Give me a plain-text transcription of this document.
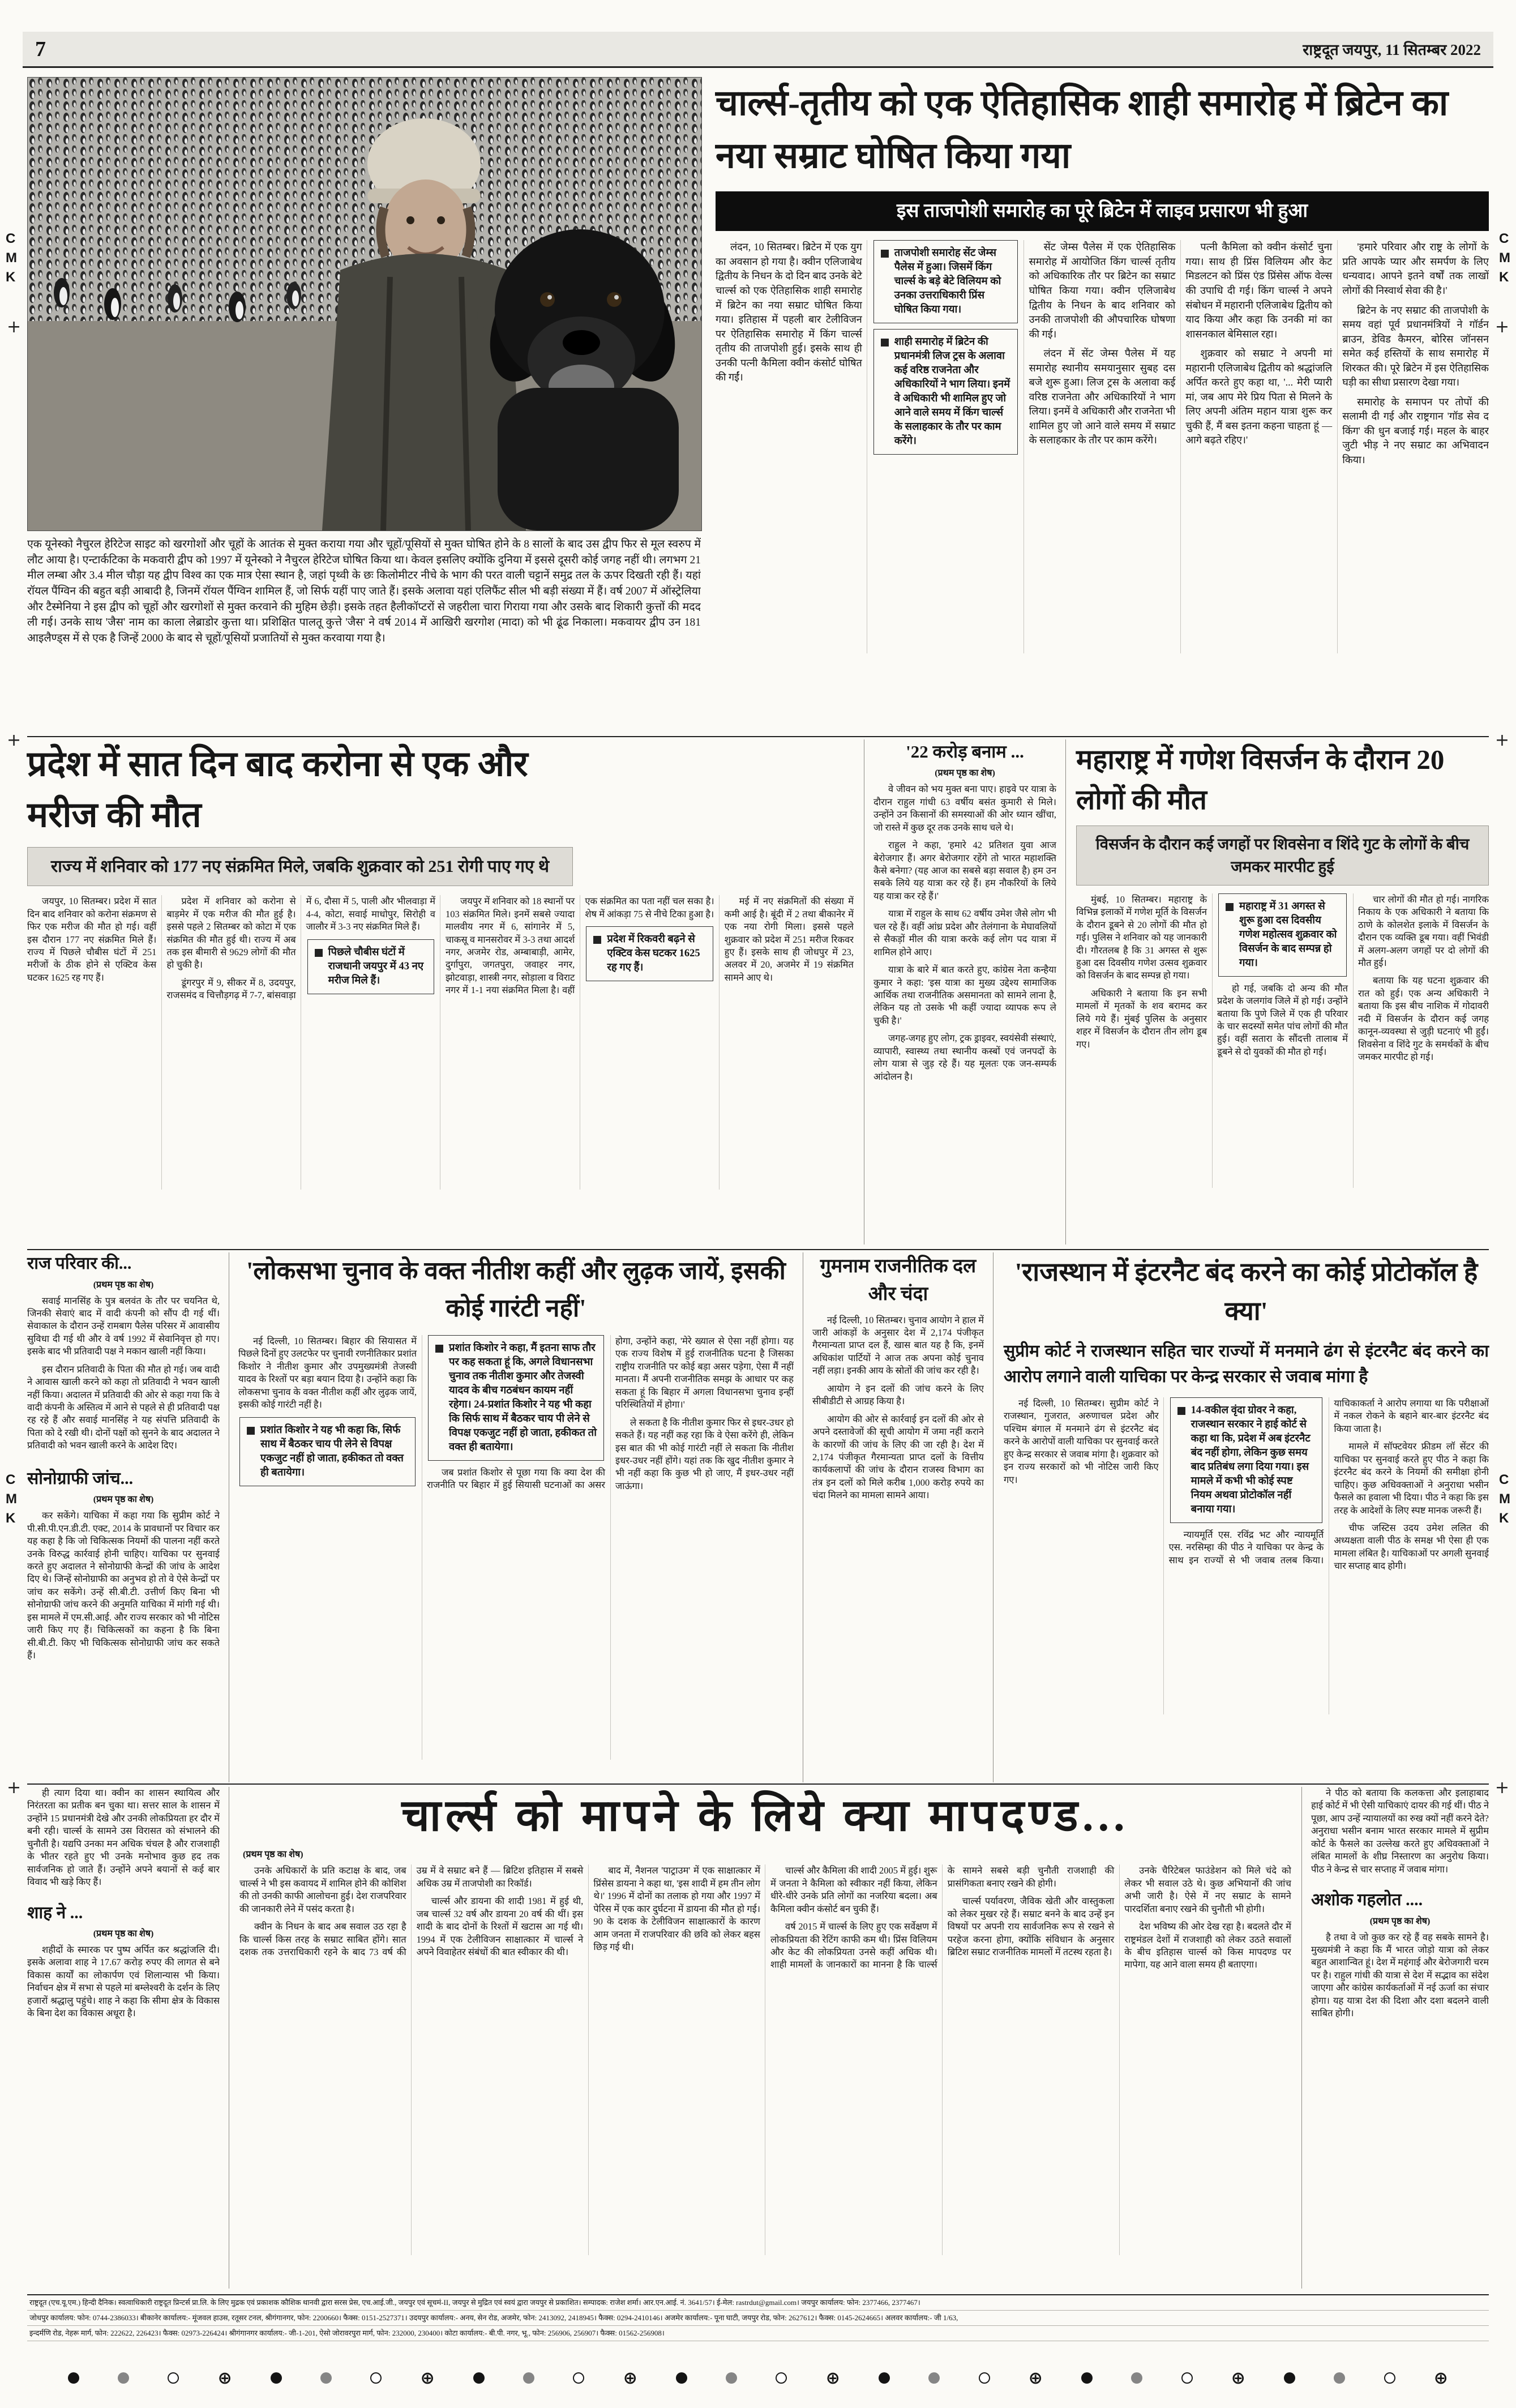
C
M
K
C
M
K
C
M
K
C
M
K
+	+
+	+
+	+
7	राष्ट्रदूत जयपुर, 11 सितम्बर 2022
एक यूनेस्को नैचुरल हेरिटेज साइट को खरगोशों और चूहों के आतंक से मुक्त कराया गया और चूहों/पूसियों से मुक्त घोषित होने के 8 सालों के बाद उस द्वीप फिर से मूल स्वरुप में लौट आया है। एन्टार्कटिका के मकवारी द्वीप को 1997 में यूनेस्को ने नैचुरल हेरिटेज घोषित किया था। केवल इसलिए क्योंकि दुनिया में इससे दूसरी कोई जगह नहीं थी। लगभग 21 मील लम्बा और 3.4 मील चौड़ा यह द्वीप विश्व का एक मात्र ऐसा स्थान है, जहां पृथ्वी के छः किलोमीटर नीचे के भाग की परत वाली चट्टानें समुद्र तल के ऊपर दिखती रही हैं। यहां रॉयल पैंग्विन की बहुत बड़ी आबादी है, जिनमें रॉयल पैंग्विन शामिल हैं, जो सिर्फ यहीं पाए जाते हैं। इसके अलावा यहां एलिफैंट सील भी बड़ी संख्या में हैं। वर्ष 2007 में ऑस्ट्रेलिया और टैस्मेनिया ने इस द्वीप को चूहों और खरगोशों से मुक्त करवाने की मुहिम छेड़ी। इसके तहत हैलीकॉप्टरों से जहरीला चारा गिराया गया और उसके बाद शिकारी कुत्तों की मदद ली गई। उनके साथ 'जैस' नाम का काला लेब्राडोर कुत्ता था। प्रशिक्षित पालतू कुत्ते 'जैस' ने वर्ष 2014 में आखिरी खरगोश (मादा) को भी ढूंढ निकाला। मकवायर द्वीप उन 181 आइलैण्ड्स में से एक है जिन्हें 2000 के बाद से चूहों/पूसियों प्रजातियों से मुक्त करवाया गया है।
चार्ल्स-तृतीय को एक ऐतिहासिक शाही समारोह में ब्रिटेन का नया सम्राट घोषित किया गया
इस ताजपोशी समारोह का पूरे ब्रिटेन में लाइव प्रसारण भी हुआ

लंदन, 10 सितम्बर। ब्रिटेन में एक युग का अवसान हो गया है। क्वीन एलिजाबेथ द्वितीय के निधन के दो दिन बाद उनके बेटे चार्ल्स को एक ऐतिहासिक शाही समारोह में ब्रिटेन का नया सम्राट घोषित किया गया। इतिहास में पहली बार टेलीविजन पर ऐतिहासिक समारोह में किंग चार्ल्स तृतीय की ताजपोशी हुई। इसके साथ ही उनकी पत्नी कैमिला क्वीन कंसोर्ट घोषित की गईं।

ताजपोशी समारोह सेंट जेम्स पैलेस में हुआ। जिसमें किंग चार्ल्स के बड़े बेटे विलियम को उनका उत्तराधिकारी प्रिंस घोषित किया गया।
शाही समारोह में ब्रिटेन की प्रधानमंत्री लिज ट्रस के अलावा कई वरिष्ठ राजनेता और अधिकारियों ने भाग लिया। इनमें वे अधिकारी भी शामिल हुए जो आने वाले समय में किंग चार्ल्स के सलाहकार के तौर पर काम करेंगे।

सेंट जेम्स पैलेस में एक ऐतिहासिक समारोह में आयोजित किंग चार्ल्स तृतीय को अधिकारिक तौर पर ब्रिटेन का सम्राट घोषित किया गया। क्वीन एलिजाबेथ द्वितीय के निधन के बाद शनिवार को उनकी ताजपोशी की औपचारिक घोषणा की गई।

लंदन में सेंट जेम्स पैलेस में यह समारोह स्थानीय समयानुसार सुबह दस बजे शुरू हुआ। लिज ट्रस के अलावा कई वरिष्ठ राजनेता और अधिकारियों ने भाग लिया। इनमें वे अधिकारी और राजनेता भी शामिल हुए जो आने वाले समय में सम्राट के सलाहकार के तौर पर काम करेंगे।

पत्नी कैमिला को क्वीन कंसोर्ट चुना गया। साथ ही प्रिंस विलियम और केट मिडलटन को प्रिंस एंड प्रिंसेस ऑफ वेल्स की उपाधि दी गई। किंग चार्ल्स ने अपने संबोधन में महारानी एलिजाबेथ द्वितीय को याद किया और कहा कि उनकी मां का शासनकाल बेमिसाल रहा।

शुक्रवार को सम्राट ने अपनी मां महारानी एलिजाबेथ द्वितीय को श्रद्धांजलि अर्पित करते हुए कहा था, '... मेरी प्यारी मां, जब आप मेरे प्रिय पिता से मिलने के लिए अपनी अंतिम महान यात्रा शुरू कर चुकी हैं, मैं बस इतना कहना चाहता हूं — आगे बढ़ते रहिए।'

'हमारे परिवार और राष्ट्र के लोगों के प्रति आपके प्यार और समर्पण के लिए धन्यवाद। आपने इतने वर्षों तक लाखों लोगों की निस्वार्थ सेवा की है।'

ब्रिटेन के नए सम्राट की ताजपोशी के समय वहां पूर्व प्रधानमंत्रियों ने गॉर्डन ब्राउन, डेविड कैमरन, बोरिस जॉनसन समेत कई हस्तियों के साथ समारोह में शिरकत की। पूरे ब्रिटेन में इस ऐतिहासिक घड़ी का सीधा प्रसारण देखा गया।

समारोह के समापन पर तोपों की सलामी दी गई और राष्ट्रगान 'गॉड सेव द किंग' की धुन बजाई गई। महल के बाहर जुटी भीड़ ने नए सम्राट का अभिवादन किया।

प्रदेश में सात दिन बाद करोना से एक और मरीज की मौत
राज्य में शनिवार को 177 नए संक्रमित मिले, जबकि शुक्रवार को 251 रोगी पाए गए थे

जयपुर, 10 सितम्बर। प्रदेश में सात दिन बाद शनिवार को करोना संक्रमण से फिर एक मरीज की मौत हो गई। वहीं इस दौरान 177 नए संक्रमित मिले हैं। राज्य में पिछले चौबीस घंटों में 251 मरीजों के ठीक होने से एक्टिव केस घटकर 1625 रह गए हैं।

प्रदेश में शनिवार को करोना से बाड़मेर में एक मरीज की मौत हुई है। इससे पहले 2 सितम्बर को कोटा में एक संक्रमित की मौत हुई थी। राज्य में अब तक इस बीमारी से 9629 लोगों की मौत हो चुकी है।

डूंगरपुर में 9, सीकर में 8, उदयपुर, राजसमंद व चित्तौड़गढ़ में 7-7, बांसवाड़ा में 6, दौसा में 5, पाली और भीलवाड़ा में 4-4, कोटा, सवाई माधोपुर, सिरोही व जालौर में 3-3 नए संक्रमित मिले हैं।

पिछले चौबीस घंटों में राजधानी जयपुर में 43 नए मरीज मिले हैं।

जयपुर में शनिवार को 18 स्थानों पर 103 संक्रमित मिले। इनमें सबसे ज्यादा मालवीय नगर में 6, सांगानेर में 5, चाकसू व मानसरोवर में 3-3 तथा आदर्श नगर, अजमेर रोड, अम्बाबाड़ी, आमेर, दुर्गापुरा, जगतपुरा, जवाहर नगर, झोटवाड़ा, शास्त्री नगर, सोड़ाला व विराट नगर में 1-1 नया संक्रमित मिला है। वहीं एक संक्रमित का पता नहीं चल सका है। शेष में आंकड़ा 75 से नीचे टिका हुआ है।

प्रदेश में रिकवरी बढ़ने से एक्टिव केस घटकर 1625 रह गए हैं।

मई में नए संक्रमितों की संख्या में कमी आई है। बूंदी में 2 तथा बीकानेर में एक नया रोगी मिला। इससे पहले शुक्रवार को प्रदेश में 251 मरीज रिकवर हुए हैं। इसके साथ ही जोधपुर में 23, अलवर में 20, अजमेर में 19 संक्रमित सामने आए थे।

'22 करोड़ बनाम ...
(प्रथम पृष्ठ का शेष)

वे जीवन को भय मुक्त बना पाए। हाइवे पर यात्रा के दौरान राहुल गांधी 63 वर्षीय बसंत कुमारी से मिले। उन्होंने उन किसानों की समस्याओं की ओर ध्यान खींचा, जो रास्ते में कुछ दूर तक उनके साथ चले थे।

राहुल ने कहा, 'हमारे 42 प्रतिशत युवा आज बेरोजगार हैं। अगर बेरोजगार रहेंगे तो भारत महाशक्ति कैसे बनेगा? (यह आज का सबसे बड़ा सवाल है) हम उन सबके लिये यह यात्रा कर रहे हैं। हम नौकरियों के लिये यह यात्रा कर रहे हैं।'

यात्रा में राहुल के साथ 62 वर्षीय उमेश जैसे लोग भी चल रहे हैं। वहीं आंध्र प्रदेश और तेलंगाना के मेघावलियों से सैकड़ों मील की यात्रा करके कई लोग पद यात्रा में शामिल होने आए।

यात्रा के बारे में बात करते हुए, कांग्रेस नेता कन्हैया कुमार ने कहा: 'इस यात्रा का मुख्य उद्देश्य सामाजिक आर्थिक तथा राजनीतिक असमानता को सामने लाना है, लेकिन यह तो उसके भी कहीं ज्यादा व्यापक रूप ले चुकी है।'

जगह-जगह हुए लोग, ट्रक ड्राइवर, स्वयंसेवी संस्थाएं, व्यापारी, स्वास्थ्य तथा स्थानीय कस्बों एवं जनपदों के लोग यात्रा से जुड़ रहे हैं। यह मूलतः एक जन-सम्पर्क आंदोलन है।

महाराष्ट्र में गणेश विसर्जन के दौरान 20 लोगों की मौत
विसर्जन के दौरान कई जगहों पर शिवसेना व शिंदे गुट के लोगों के बीच जमकर मारपीट हुई

मुंबई, 10 सितम्बर। महाराष्ट्र के विभिन्न इलाकों में गणेश मूर्ति के विसर्जन के दौरान डूबने से 20 लोगों की मौत हो गई। पुलिस ने शनिवार को यह जानकारी दी। गौरतलब है कि 31 अगस्त से शुरू हुआ दस दिवसीय गणेश उत्सव शुक्रवार को विसर्जन के बाद सम्पन्न हो गया।

अधिकारी ने बताया कि इन सभी मामलों में मृतकों के शव बरामद कर लिये गये हैं। मुंबई पुलिस के अनुसार शहर में विसर्जन के दौरान तीन लोग डूब गए।

महाराष्ट्र में 31 अगस्त से शुरू हुआ दस दिवसीय गणेश महोत्सव शुक्रवार को विसर्जन के बाद सम्पन्न हो गया।

हो गई, जबकि दो अन्य की मौत प्रदेश के जलगांव जिले में हो गई। उन्होंने बताया कि पुणे जिले में एक ही परिवार के चार सदस्यों समेत पांच लोगों की मौत हुई। वहीं सतारा के सौंदत्ती तालाब में डूबने से दो युवकों की मौत हो गई।

चार लोगों की मौत हो गई। नागरिक निकाय के एक अधिकारी ने बताया कि ठाणे के कोलशेत इलाके में विसर्जन के दौरान एक व्यक्ति डूब गया। वहीं भिवंडी में अलग-अलग जगहों पर दो लोगों की मौत हुई।

बताया कि यह घटना शुक्रवार की रात को हुई। एक अन्य अधिकारी ने बताया कि इस बीच नाशिक में गोदावरी नदी में विसर्जन के दौरान कई जगह कानून-व्यवस्था से जुड़ी घटनाएं भी हुईं। शिवसेना व शिंदे गुट के समर्थकों के बीच जमकर मारपीट हो गई।

राज परिवार की...
(प्रथम पृष्ठ का शेष)

सवाई मानसिंह के पुत्र बलवंत के तौर पर चयनित थे, जिनकी सेवाएं बाद में वादी कंपनी को सौंप दी गई थीं। सेवाकाल के दौरान उन्हें रामबाग पैलेस परिसर में आवासीय सुविधा दी गई थी और वे वर्ष 1992 में सेवानिवृत्त हो गए। इसके बाद भी प्रतिवादी पक्ष ने मकान खाली नहीं किया।

इस दौरान प्रतिवादी के पिता की मौत हो गई। जब वादी ने आवास खाली करने को कहा तो प्रतिवादी ने भवन खाली नहीं किया। अदालत में प्रतिवादी की ओर से कहा गया कि वे वादी कंपनी के अस्तित्व में आने से पहले से ही प्रतिवादी पक्ष रह रहे हैं और सवाई मानसिंह ने यह संपत्ति प्रतिवादी के पिता को दे रखी थी। दोनों पक्षों को सुनने के बाद अदालत ने प्रतिवादी को भवन खाली करने के आदेश दिए।

सोनोग्राफी जांच...
(प्रथम पृष्ठ का शेष)

कर सकेंगे। याचिका में कहा गया कि सुप्रीम कोर्ट ने पी.सी.पी.एन.डी.टी. एक्ट, 2014 के प्रावधानों पर विचार कर यह कहा है कि जो चिकित्सक नियमों की पालना नहीं करते उनके विरुद्ध कार्रवाई होनी चाहिए। याचिका पर सुनवाई करते हुए अदालत ने सोनोग्राफी केन्द्रों की जांच के आदेश दिए थे। जिन्हें सोनोग्राफी का अनुभव हो तो वे ऐसे केन्द्रों पर जांच कर सकेंगे। उन्हें सी.बी.टी. उत्तीर्ण किए बिना भी सोनोग्राफी जांच करने की अनुमति याचिका में मांगी गई थी। इस मामले में एम.सी.आई. और राज्य सरकार को भी नोटिस जारी किए गए हैं। चिकित्सकों का कहना है कि बिना सी.बी.टी. किए भी चिकित्सक सोनोग्राफी जांच कर सकते हैं।

'लोकसभा चुनाव के वक्त नीतीश कहीं और लुढ़क जायें, इसकी कोई गारंटी नहीं'

नई दिल्ली, 10 सितम्बर। बिहार की सियासत में पिछले दिनों हुए उलटफेर पर चुनावी रणनीतिकार प्रशांत किशोर ने नीतीश कुमार और उपमुख्यमंत्री तेजस्वी यादव के रिश्तों पर बड़ा बयान दिया है। उन्होंने कहा कि लोकसभा चुनाव के वक्त नीतीश कहीं और लुढ़क जायें, इसकी कोई गारंटी नहीं है।

प्रशांत किशोर ने यह भी कहा कि, सिर्फ साथ में बैठकर चाय पी लेने से विपक्ष एकजुट नहीं हो जाता, हकीकत तो वक्त ही बतायेगा।
प्रशांत किशोर ने कहा, मैं इतना साफ तौर पर कह सकता हूं कि, अगले विधानसभा चुनाव तक नीतीश कुमार और तेजस्वी यादव के बीच गठबंधन कायम नहीं रहेगा। 24-प्रशांत किशोर ने यह भी कहा कि सिर्फ साथ में बैठकर चाय पी लेने से विपक्ष एकजुट नहीं हो जाता, हकीकत तो वक्त ही बतायेगा।

जब प्रशांत किशोर से पूछा गया कि क्या देश की राजनीति पर बिहार में हुई सियासी घटनाओं का असर होगा, उन्होंने कहा, 'मेरे ख्याल से ऐसा नहीं होगा। यह एक राज्य विशेष में हुई राजनीतिक घटना है जिसका राष्ट्रीय राजनीति पर कोई बड़ा असर पड़ेगा, ऐसा मैं नहीं मानता। मैं अपनी राजनीतिक समझ के आधार पर कह सकता हूं कि बिहार में अगला विधानसभा चुनाव इन्हीं परिस्थितियों में होगा।'

ले सकता है कि नीतीश कुमार फिर से इधर-उधर हो सकते हैं। यह नहीं कह रहा कि वे ऐसा करेंगे ही, लेकिन इस बात की भी कोई गारंटी नहीं ले सकता कि नीतीश इधर-उधर नहीं होंगे। यहां तक कि खुद नीतीश कुमार ने भी नहीं कहा कि कुछ भी हो जाए, मैं इधर-उधर नहीं जाऊंगा।

गुमनाम राजनीतिक दल और चंदा

नई दिल्ली, 10 सितम्बर। चुनाव आयोग ने हाल में जारी आंकड़ों के अनुसार देश में 2,174 पंजीकृत गैरमान्यता प्राप्त दल हैं, खास बात यह है कि, इनमें अधिकांश पार्टियों ने आज तक अपना कोई चुनाव नहीं लड़ा। इनकी आय के स्रोतों की जांच कर रही है।

आयोग ने इन दलों की जांच करने के लिए सीबीडीटी से आग्रह किया है।

आयोग की ओर से कार्रवाई इन दलों की ओर से अपने दस्तावेजों की सूची आयोग में जमा नहीं कराने के कारणों की जांच के लिए की जा रही है। देश में 2,174 पंजीकृत गैरमान्यता प्राप्त दलों के वित्तीय कार्यकलापों की जांच के दौरान राजस्व विभाग का तंत्र इन दलों को मिले करीब 1,000 करोड़ रुपये का चंदा मिलने का मामला सामने आया।

'राजस्थान में इंटरनैट बंद करने का कोई प्रोटोकॉल है क्या'
सुप्रीम कोर्ट ने राजस्थान सहित चार राज्यों में मनमाने ढंग से इंटरनैट बंद करने का आरोप लगाने वाली याचिका पर केन्द्र सरकार से जवाब मांगा है

नई दिल्ली, 10 सितम्बर। सुप्रीम कोर्ट ने राजस्थान, गुजरात, अरुणाचल प्रदेश और पश्चिम बंगाल में मनमाने ढंग से इंटरनैट बंद करने के आरोपों वाली याचिका पर सुनवाई करते हुए केन्द्र सरकार से जवाब मांगा है। शुक्रवार को इन राज्य सरकारों को भी नोटिस जारी किए गए।

14-वकील वृंदा ग्रोवर ने कहा, राजस्थान सरकार ने हाई कोर्ट से कहा था कि, प्रदेश में अब इंटरनैट बंद नहीं होगा, लेकिन कुछ समय बाद प्रतिबंध लगा दिया गया। इस मामले में कभी भी कोई स्पष्ट नियम अथवा प्रोटोकॉल नहीं बनाया गया।

न्यायमूर्ति एस. रविंद्र भट और न्यायमूर्ति एस. नरसिम्हा की पीठ ने याचिका पर केन्द्र के साथ इन राज्यों से भी जवाब तलब किया। याचिकाकर्ता ने आरोप लगाया था कि परीक्षाओं में नकल रोकने के बहाने बार-बार इंटरनैट बंद किया जाता है।

मामले में सॉफ्टवेयर फ्रीडम लॉ सेंटर की याचिका पर सुनवाई करते हुए पीठ ने कहा कि इंटरनैट बंद करने के नियमों की समीक्षा होनी चाहिए। कुछ अधिवक्ताओं ने अनुराधा भसीन फैसले का हवाला भी दिया। पीठ ने कहा कि इस तरह के आदेशों के लिए स्पष्ट मानक जरूरी हैं।

चीफ जस्टिस उदय उमेश ललित की अध्यक्षता वाली पीठ के समक्ष भी ऐसा ही एक मामला लंबित है। याचिकाओं पर अगली सुनवाई चार सप्ताह बाद होगी।

ही त्याग दिया था। क्वीन का शासन स्थायित्व और निरंतरता का प्रतीक बन चुका था। सत्तर साल के शासन में उन्होंने 15 प्रधानमंत्री देखे और उनकी लोकप्रियता हर दौर में बनी रही। चार्ल्स के सामने उस विरासत को संभालने की चुनौती है। यद्यपि उनका मन अधिक चंचल है और राजशाही के भीतर रहते हुए भी उनके मनोभाव कुछ हद तक सार्वजनिक हो जाते हैं। उन्होंने अपने बयानों से कई बार विवाद भी खड़े किए हैं।

शाह ने ...
(प्रथम पृष्ठ का शेष)

शहीदों के स्मारक पर पुष्प अर्पित कर श्रद्धांजलि दी। इसके अलावा शाह ने 17.67 करोड़ रुपए की लागत से बने विकास कार्यों का लोकार्पण एवं शिलान्यास भी किया। निर्वाचन क्षेत्र में सभा से पहले मां बम्लेश्वरी के दर्शन के लिए हजारों श्रद्धालु पहुंचे। शाह ने कहा कि सीमा क्षेत्र के विकास के बिना देश का विकास अधूरा है।

चार्ल्स को मापने के लिये क्या मापदण्ड...
(प्रथम पृष्ठ का शेष)

उनके अधिकारों के प्रति कटाक्ष के बाद, जब चार्ल्स ने भी इस कवायद में शामिल होने की कोशिश की तो उनकी काफी आलोचना हुई। देश राजपरिवार की जानकारी लेने में पसंद करता है।

क्वीन के निधन के बाद अब सवाल उठ रहा है कि चार्ल्स किस तरह के सम्राट साबित होंगे। सात दशक तक उत्तराधिकारी रहने के बाद 73 वर्ष की उम्र में वे सम्राट बने हैं — ब्रिटिश इतिहास में सबसे अधिक उम्र में ताजपोशी का रिकॉर्ड।

चार्ल्स और डायना की शादी 1981 में हुई थी, जब चार्ल्स 32 वर्ष और डायना 20 वर्ष की थीं। इस शादी के बाद दोनों के रिश्तों में खटास आ गई थी। 1994 में एक टेलीविजन साक्षात्कार में चार्ल्स ने अपने विवाहेतर संबंधों की बात स्वीकार की थी।

बाद में, नैशनल 'पाट्राउम' में एक साक्षात्कार में प्रिंसेस डायना ने कहा था, 'इस शादी में हम तीन लोग थे।' 1996 में दोनों का तलाक हो गया और 1997 में पेरिस में एक कार दुर्घटना में डायना की मौत हो गई। 90 के दशक के टेलीविजन साक्षात्कारों के कारण आम जनता में राजपरिवार की छवि को लेकर बहस छिड़ गई थी।

चार्ल्स और कैमिला की शादी 2005 में हुई। शुरू में जनता ने कैमिला को स्वीकार नहीं किया, लेकिन धीरे-धीरे उनके प्रति लोगों का नजरिया बदला। अब कैमिला क्वीन कंसोर्ट बन चुकी हैं।

वर्ष 2015 में चार्ल्स के लिए हुए एक सर्वेक्षण में लोकप्रियता की रेटिंग काफी कम थी। प्रिंस विलियम और केट की लोकप्रियता उनसे कहीं अधिक थी। शाही मामलों के जानकारों का मानना है कि चार्ल्स के सामने सबसे बड़ी चुनौती राजशाही की प्रासंगिकता बनाए रखने की होगी।

चार्ल्स पर्यावरण, जैविक खेती और वास्तुकला को लेकर मुखर रहे हैं। सम्राट बनने के बाद उन्हें इन विषयों पर अपनी राय सार्वजनिक रूप से रखने से परहेज करना होगा, क्योंकि संविधान के अनुसार ब्रिटिश सम्राट राजनीतिक मामलों में तटस्थ रहता है।

उनके चैरिटेबल फाउंडेशन को मिले चंदे को लेकर भी सवाल उठे थे। कुछ अभियानों की जांच अभी जारी है। ऐसे में नए सम्राट के सामने पारदर्शिता बनाए रखने की चुनौती भी होगी।

देश भविष्य की ओर देख रहा है। बदलते दौर में राष्ट्रमंडल देशों में राजशाही को लेकर उठते सवालों के बीच इतिहास चार्ल्स को किस मापदण्ड पर मापेगा, यह आने वाला समय ही बताएगा।

ने पीठ को बताया कि कलकत्ता और इलाहाबाद हाई कोर्ट में भी ऐसी याचिकाएं दायर की गई थीं। पीठ ने पूछा, आप उन्हें न्यायालयों का रुख क्यों नहीं करने देते? अनुराधा भसीन बनाम भारत सरकार मामले में सुप्रीम कोर्ट के फैसले का उल्लेख करते हुए अधिवक्ताओं ने लंबित मामलों के शीघ्र निस्तारण का अनुरोध किया। पीठ ने केन्द्र से चार सप्ताह में जवाब मांगा।

अशोक गहलोत ....
(प्रथम पृष्ठ का शेष)

है तथा वे जो कुछ कर रहे हैं वह सबके सामने है। मुख्यमंत्री ने कहा कि मैं भारत जोड़ो यात्रा को लेकर बहुत आशान्वित हूं। देश में महंगाई और बेरोजगारी चरम पर है। राहुल गांधी की यात्रा से देश में सद्भाव का संदेश जाएगा और कांग्रेस कार्यकर्ताओं में नई ऊर्जा का संचार होगा। यह यात्रा देश की दिशा और दशा बदलने वाली साबित होगी।

राष्ट्रदूत (एच.यू.एम.) हिन्दी दैनिक। स्वत्वाधिकारी राष्ट्रदूत प्रिन्टर्स प्रा.लि. के लिए मुद्रक एवं प्रकाशक कौशिक थानवी द्वारा सरस प्रेस, एच.आई.जी., जयपुर एवं सूचमं-II, जयपुर से मुद्रित एवं स्वयं द्वारा जयपुर से प्रकाशित। सम्पादक: राजेश शर्मा। आर.एन.आई. नं. 3641/57। ई-मेल: rastrdut@gmail.com। जयपुर कार्यालय: फोन: 2377466, 2377467।
जोधपुर कार्यालय: फोन: 0744-2386033। बीकानेर कार्यालय:- मूंजवल हाउस, रतूसर टनल, श्रीगंगानगर, फोन: 2200660। फैक्स: 0151-2527371। उदयपुर कार्यालय:- अनय, सेन रोड, अजमेर, फोन: 2413092, 2418945। फैक्स: 0294-2410146। अजमेर कार्यालय:- पूना घाटी, जयपुर रोड, फोन: 2627612। फैक्स: 0145-2624665। अलवर कार्यालय:- जी 1/63,
इन्दर्मणि रोड, नेहरू मार्ग, फोन: 222622, 226423। फैक्स: 02973-226424। श्रीगंगानगर कार्यालय:- जी-1-201, ऐसो जोरावरपुरा मार्ग, फोन: 232000, 230400। कोटा कार्यालय:- बी.पी. नगर, भू., फोन: 256906, 256907। फैक्स: 01562-256908।
⊕	⊕	⊕	⊕	⊕	⊕	⊕
